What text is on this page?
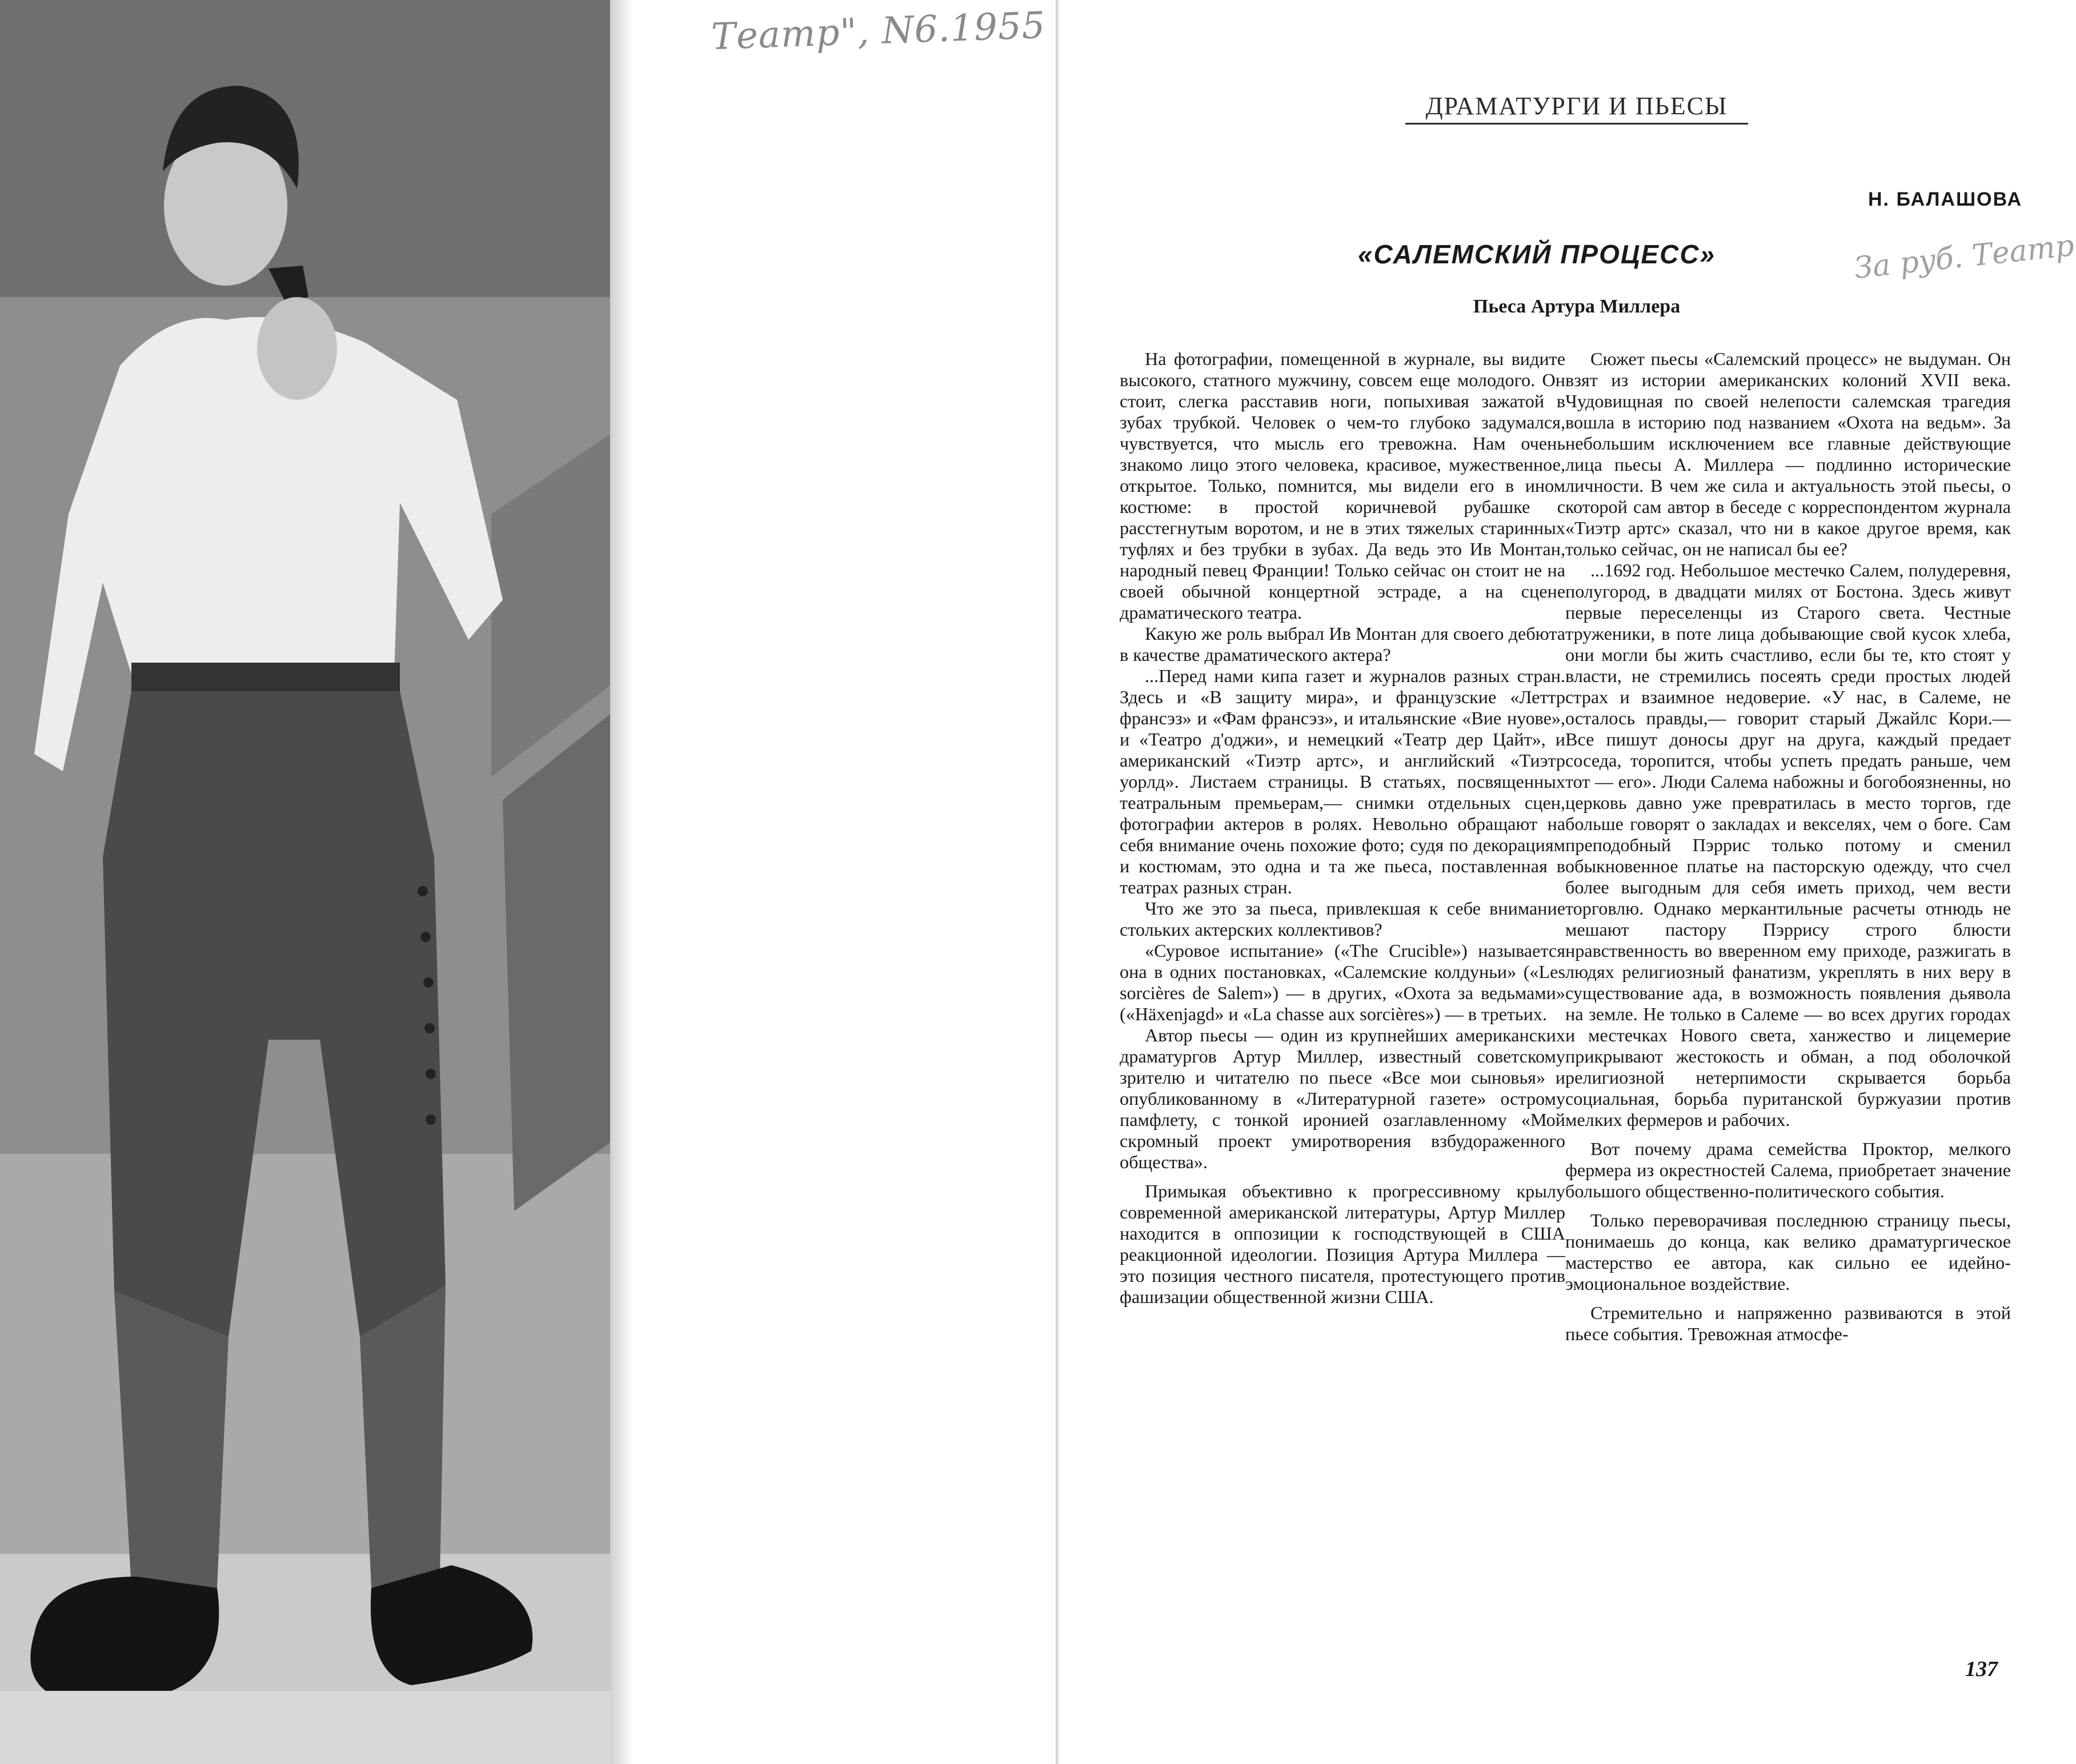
Театр", N6.1955
ДРАМАТУРГИ И ПЬЕСЫ
Н. БАЛАШОВА
За рyб. Театр
«САЛЕМСКИЙ ПРОЦЕСС»
Пьеса Артура Миллера

На фотографии, помещенной в журнале, вы видите высокого, статного мужчину, совсем еще молодого. Он стоит, слегка расставив ноги, попыхивая зажатой в зубах трубкой. Человек о чем-то глубоко задумался, чувствуется, что мысль его тревожна. Нам очень знакомо лицо этого человека, красивое, мужественное, открытое. Только, помнится, мы видели его в ином костюме: в простой коричневой рубашке с расстегнутым воротом, и не в этих тяжелых старинных туфлях и без трубки в зубах. Да ведь это Ив Монтан, народный певец Франции! Только сейчас он стоит не на своей обычной концертной эстраде, а на сцене драматического театра.

Какую же роль выбрал Ив Монтан для своего дебюта в качестве драматического актера?

...Перед нами кипа газет и журналов разных стран. Здесь и «В защиту мира», и французские «Леттр франсэз» и «Фам франсэз», и итальянские «Вие нуове», и «Театро д'оджи», и немецкий «Театр дер Цайт», и американский «Тиэтр артс», и английский «Тиэтр уорлд». Листаем страницы. В статьях, посвященных театральным премьерам,— снимки отдельных сцен, фотографии актеров в ролях. Невольно обращают на себя внимание очень похожие фото; судя по декорациям и костюмам, это одна и та же пьеса, поставленная в театрах разных стран.

Что же это за пьеса, привлекшая к себе внимание стольких актерских коллективов?

«Суровое испытание» («The Crucible») называется она в одних постановках, «Салемские колдуньи» («Les sorcières de Salem») — в других, «Охота за ведьмами» («Häxenjagd» и «La chasse aux sorcières») — в третьих.

Автор пьесы — один из крупнейших американских драматургов Артур Миллер, известный советскому зрителю и читателю по пьесе «Все мои сыновья» и опубликованному в «Литературной газете» острому памфлету, с тонкой иронией озаглавленному «Мой скромный проект умиротворения взбудораженного общества».

Примыкая объективно к прогрессивному крылу современной американской литературы, Артур Миллер находится в оппозиции к господствующей в США реакционной идеологии. Позиция Артура Миллера — это позиция честного писателя, протестующего против фашизации общественной жизни США.

Сюжет пьесы «Салемский процесс» не выдуман. Он взят из истории американских колоний XVII века. Чудовищная по своей нелепости салемская трагедия вошла в историю под названием «Охота на ведьм». За небольшим исключением все главные действующие лица пьесы А. Миллера — подлинно исторические личности. В чем же сила и актуальность этой пьесы, о которой сам автор в беседе с корреспондентом журнала «Тиэтр артс» сказал, что ни в какое другое время, как только сейчас, он не написал бы ее?

...1692 год. Небольшое местечко Салем, полудеревня, полугород, в двадцати милях от Бостона. Здесь живут первые переселенцы из Старого света. Честные труженики, в поте лица добывающие свой кусок хлеба, они могли бы жить счастливо, если бы те, кто стоят у власти, не стремились посеять среди простых людей страх и взаимное недоверие. «У нас, в Салеме, не осталось правды,— говорит старый Джайлс Кори.— Все пишут доносы друг на друга, каждый предает соседа, торопится, чтобы успеть предать раньше, чем тот — его». Люди Салема набожны и богобоязненны, но церковь давно уже превратилась в место торгов, где больше говорят о закладах и векселях, чем о боге. Сам преподобный Пэррис только потому и сменил обыкновенное платье на пасторскую одежду, что счел более выгодным для себя иметь приход, чем вести торговлю. Однако меркантильные расчеты отнюдь не мешают пастору Пэррису строго блюсти нравственность во вверенном ему приходе, разжигать в людях религиозный фанатизм, укреплять в них веру в существование ада, в возможность появления дьявола на земле. Не только в Салеме — во всех других городах и местечках Нового света, ханжество и лицемерие прикрывают жестокость и обман, а под оболочкой религиозной нетерпимости скрывается борьба социальная, борьба пуританской буржуазии против мелких фермеров и рабочих.

Вот почему драма семейства Проктор, мелкого фермера из окрестностей Салема, приобретает значение большого общественно-политического события.

Только переворачивая последнюю страницу пьесы, понимаешь до конца, как велико драматургическое мастерство ее автора, как сильно ее идейно-эмоциональное воздействие.

Стремительно и напряженно развиваются в этой пьесе события. Тревожная атмосфе-

137
